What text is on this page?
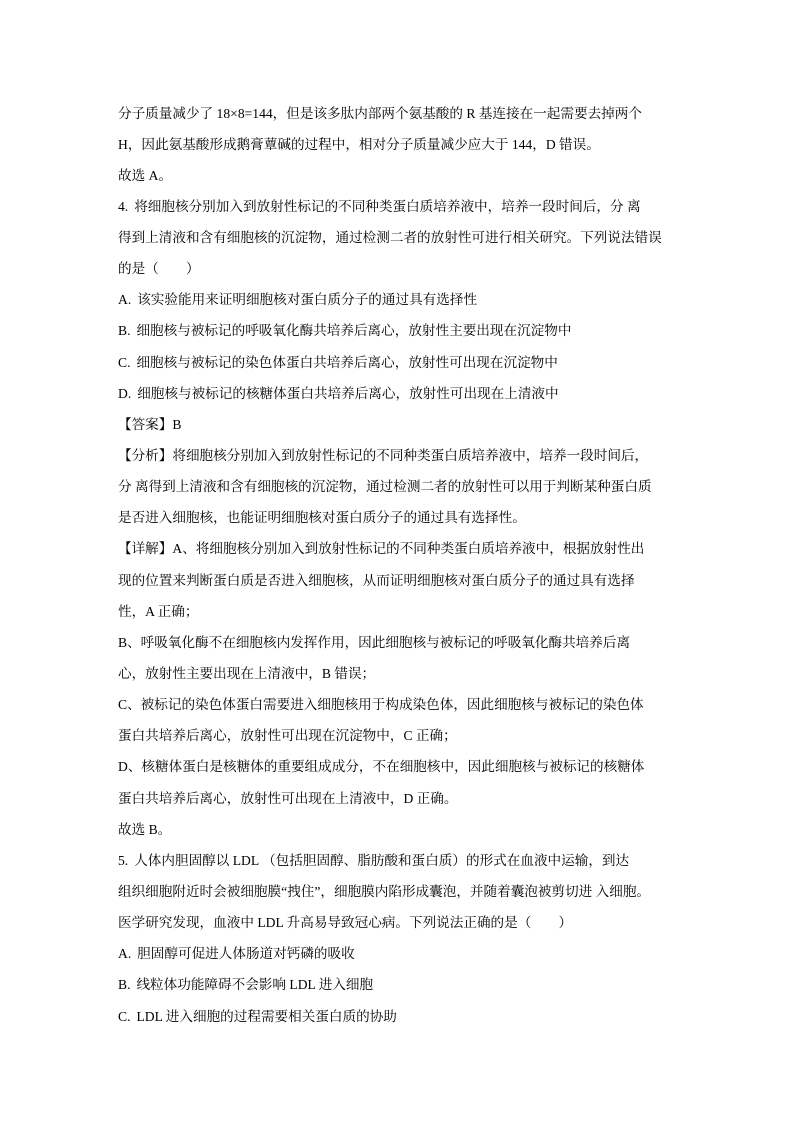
分子质量减少了 18×8=144，但是该多肽内部两个氨基酸的 R 基连接在一起需要去掉两个
H，因此氨基酸形成鹅膏蕈碱的过程中，相对分子质量减少应大于 144，D 错误。
故选 A。
4. 将细胞核分别加入到放射性标记的不同种类蛋白质培养液中，培养一段时间后，分 离
得到上清液和含有细胞核的沉淀物，通过检测二者的放射性可进行相关研究。下列说法错误
的是（　　）
A. 该实验能用来证明细胞核对蛋白质分子的通过具有选择性
B. 细胞核与被标记的呼吸氧化酶共培养后离心，放射性主要出现在沉淀物中
C. 细胞核与被标记的染色体蛋白共培养后离心，放射性可出现在沉淀物中
D. 细胞核与被标记的核糖体蛋白共培养后离心，放射性可出现在上清液中
【答案】B
【分析】将细胞核分别加入到放射性标记的不同种类蛋白质培养液中，培养一段时间后，
分 离得到上清液和含有细胞核的沉淀物，通过检测二者的放射性可以用于判断某种蛋白质
是否进入细胞核，也能证明细胞核对蛋白质分子的通过具有选择性。
【详解】A、将细胞核分别加入到放射性标记的不同种类蛋白质培养液中，根据放射性出
现的位置来判断蛋白质是否进入细胞核，从而证明细胞核对蛋白质分子的通过具有选择
性，A 正确；
B、呼吸氧化酶不在细胞核内发挥作用，因此细胞核与被标记的呼吸氧化酶共培养后离
心，放射性主要出现在上清液中，B 错误；
C、被标记的染色体蛋白需要进入细胞核用于构成染色体，因此细胞核与被标记的染色体
蛋白共培养后离心，放射性可出现在沉淀物中，C 正确；
D、核糖体蛋白是核糖体的重要组成成分，不在细胞核中，因此细胞核与被标记的核糖体
蛋白共培养后离心，放射性可出现在上清液中，D 正确。
故选 B。
5. 人体内胆固醇以 LDL （包括胆固醇、脂肪酸和蛋白质）的形式在血液中运输，到达
组织细胞附近时会被细胞膜“拽住”，细胞膜内陷形成囊泡，并随着囊泡被剪切进 入细胞。
医学研究发现，血液中 LDL 升高易导致冠心病。下列说法正确的是（　　）
A. 胆固醇可促进人体肠道对钙磷的吸收
B. 线粒体功能障碍不会影响 LDL 进入细胞
C. LDL 进入细胞的过程需要相关蛋白质的协助
